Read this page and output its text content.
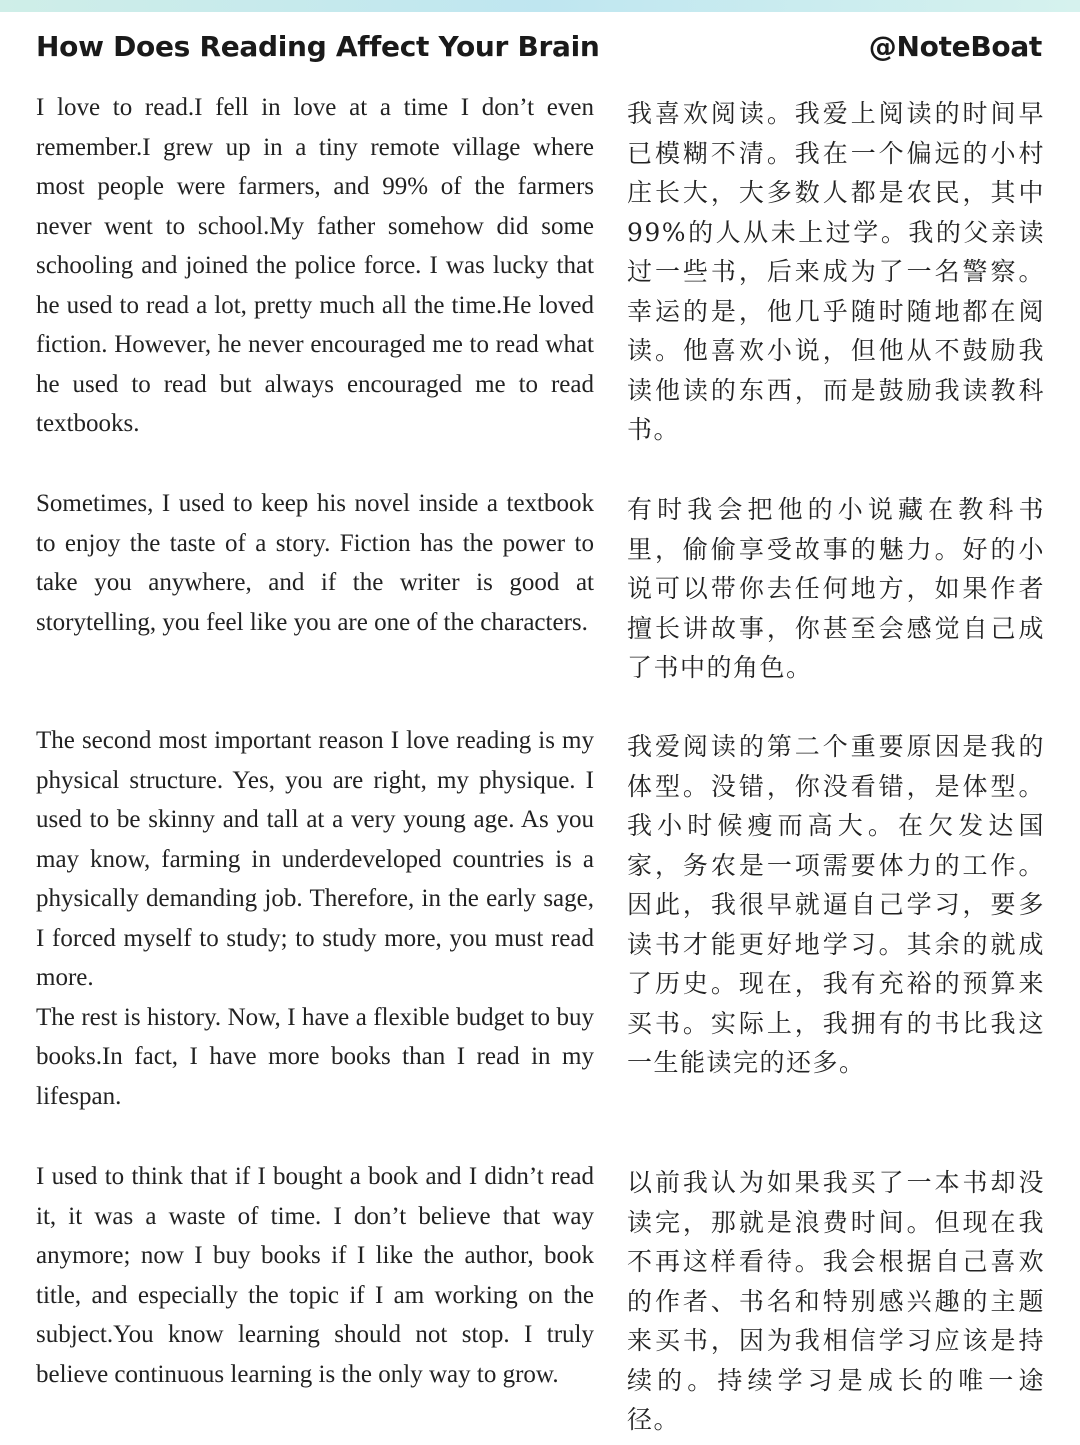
How Does Reading Affect Your Brain	@NoteBoat

I love to read.I fell in love at a time I don’t even remember.I grew up in a tiny remote village where most people were farmers, and 99% of the farmers never went to school.My father somehow did some schooling and joined the police force. I was lucky that he used to read a lot, pretty much all the time.He loved fiction. However, he never encouraged me to read what he used to read but always encouraged me to read textbooks.

我喜欢阅读。我爱上阅读的时间早已模糊不清。我在一个偏远的小村庄长大，大多数人都是农民，其中99%的人从未上过学。我的父亲读过一些书，后来成为了一名警察。幸运的是，他几乎随时随地都在阅读。他喜欢小说，但他从不鼓励我读他读的东西，而是鼓励我读教科书。

Sometimes, I used to keep his novel inside a textbook to enjoy the taste of a story. Fiction has the power to take you anywhere, and if the writer is good at storytelling, you feel like you are one of the characters.

有时我会把他的小说藏在教科书里，偷偷享受故事的魅力。好的小说可以带你去任何地方，如果作者擅长讲故事，你甚至会感觉自己成了书中的角色。

The second most important reason I love reading is my physical structure. Yes, you are right, my physique. I used to be skinny and tall at a very young age. As you may know, farming in underdeveloped countries is a physically demanding job. Therefore, in the early sage, I forced myself to study; to study more, you must read more.
The rest is history. Now, I have a flexible budget to buy books.In fact, I have more books than I read in my lifespan.

我爱阅读的第二个重要原因是我的体型。没错，你没看错，是体型。我小时候瘦而高大。在欠发达国家，务农是一项需要体力的工作。因此，我很早就逼自己学习，要多读书才能更好地学习。其余的就成了历史。现在，我有充裕的预算来买书。实际上，我拥有的书比我这一生能读完的还多。

I used to think that if I bought a book and I didn’t read it, it was a waste of time. I don’t believe that way anymore; now I buy books if I like the author, book title, and especially the topic if I am working on the subject.You know learning should not stop. I truly believe continuous learning is the only way to grow.

以前我认为如果我买了一本书却没读完，那就是浪费时间。但现在我不再这样看待。我会根据自己喜欢的作者、书名和特别感兴趣的主题来买书，因为我相信学习应该是持续的。持续学习是成长的唯一途径。
